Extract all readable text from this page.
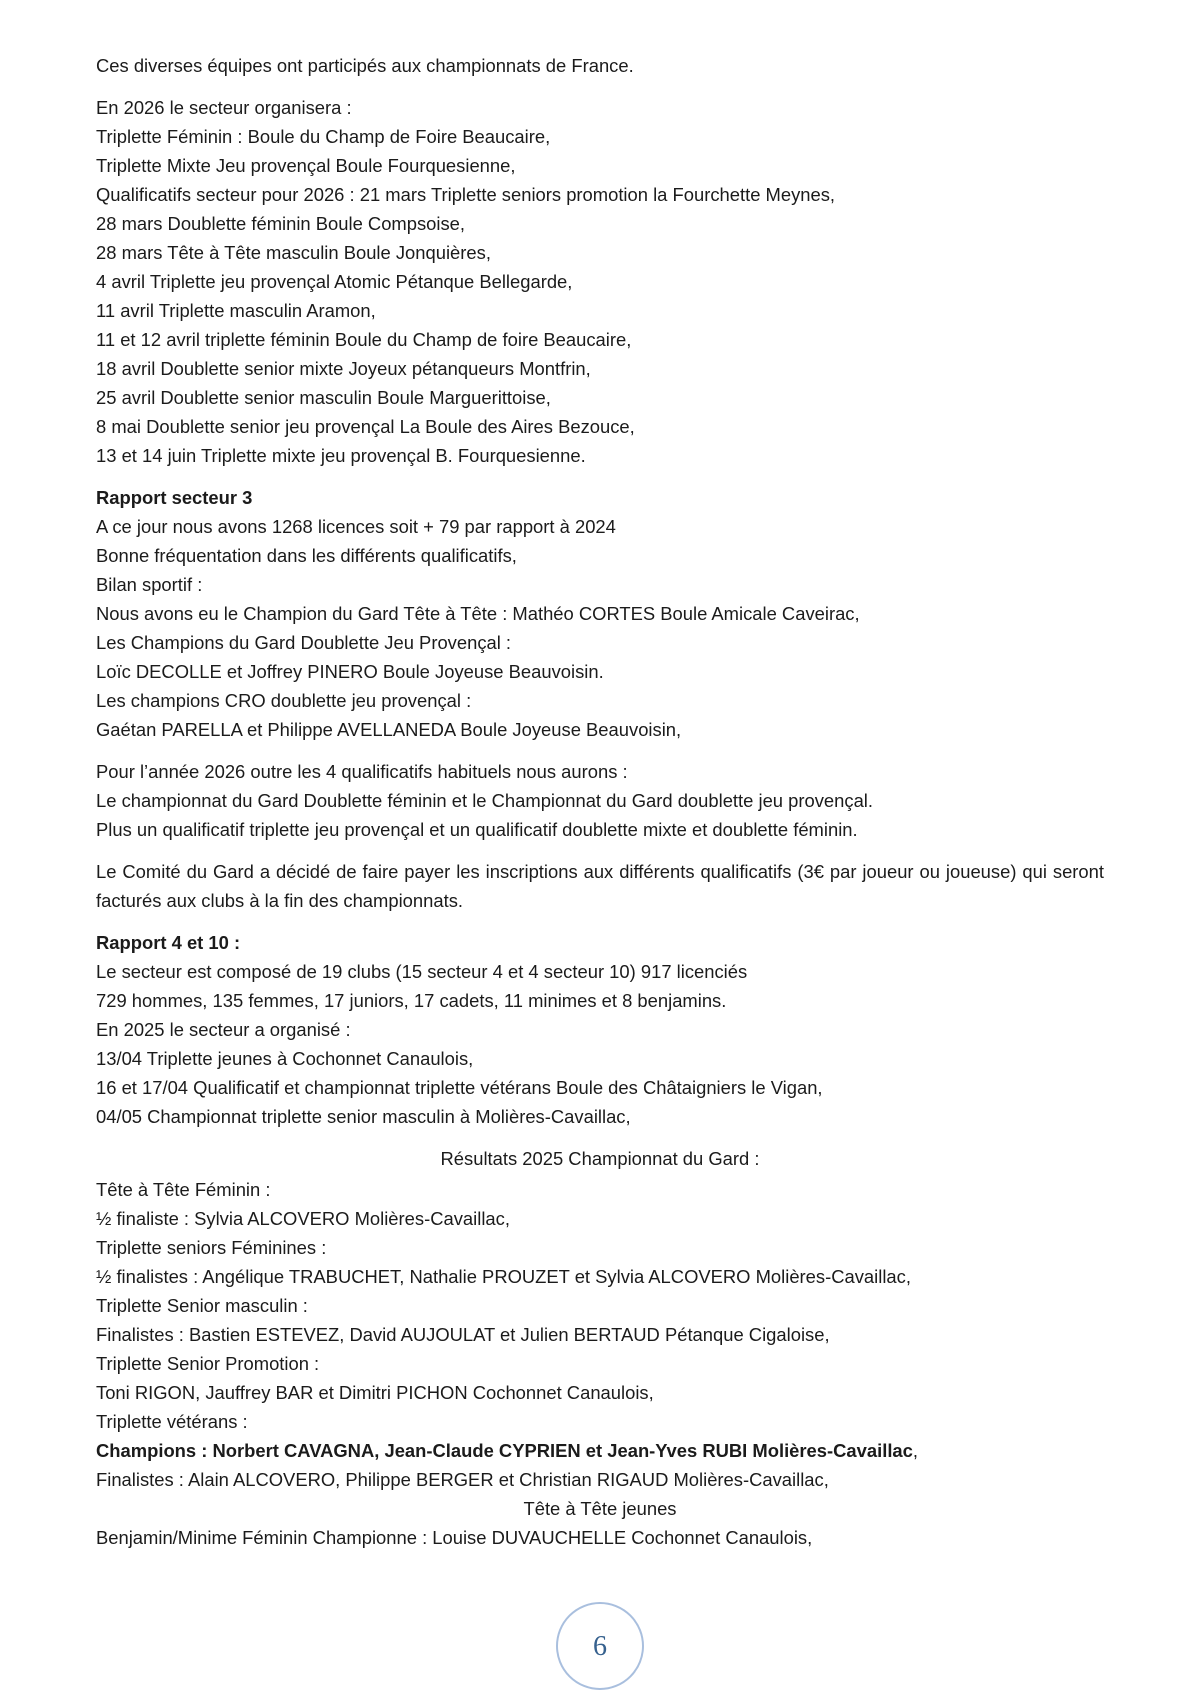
Ces diverses équipes ont participés aux championnats de France.

En 2026 le secteur organisera :
Triplette Féminin : Boule du Champ de Foire Beaucaire,
Triplette Mixte Jeu provençal Boule Fourquesienne,
Qualificatifs secteur pour 2026 : 21 mars Triplette seniors promotion la Fourchette Meynes,
28 mars Doublette féminin Boule Compsoise,
28 mars Tête à Tête masculin Boule Jonquières,
4 avril Triplette jeu provençal Atomic Pétanque Bellegarde,
11 avril Triplette masculin Aramon,
11 et 12 avril triplette féminin Boule du Champ de foire Beaucaire,
18 avril Doublette senior mixte Joyeux pétanqueurs Montfrin,
25 avril Doublette senior masculin Boule Marguerittoise,
8 mai Doublette senior jeu provençal La Boule des Aires Bezouce,
13 et 14 juin Triplette mixte jeu provençal B. Fourquesienne.
Rapport secteur 3
A ce jour nous avons 1268 licences soit + 79 par rapport à 2024
Bonne fréquentation dans les différents qualificatifs,
Bilan sportif :
Nous avons eu le Champion du Gard Tête à Tête : Mathéo CORTES Boule Amicale Caveirac,
Les Champions du Gard Doublette Jeu Provençal :
Loïc DECOLLE et Joffrey PINERO Boule Joyeuse Beauvoisin.
Les champions CRO doublette jeu provençal :
Gaétan PARELLA et Philippe AVELLANEDA Boule Joyeuse Beauvoisin,
Pour l’année 2026 outre les 4 qualificatifs habituels nous aurons :
Le championnat du Gard Doublette féminin et le Championnat du Gard doublette jeu provençal.
Plus un qualificatif triplette jeu provençal et un qualificatif doublette mixte et doublette féminin.

Le Comité du Gard a décidé de faire payer les inscriptions aux différents qualificatifs (3€ par joueur ou joueuse) qui seront facturés aux clubs à la fin des championnats.

Rapport 4 et 10 :
Le secteur est composé de 19 clubs (15 secteur 4 et 4 secteur 10) 917 licenciés
729 hommes, 135 femmes, 17 juniors, 17 cadets, 11 minimes et 8 benjamins.
En 2025 le secteur a organisé :
13/04 Triplette jeunes à Cochonnet Canaulois,
16 et 17/04 Qualificatif et championnat triplette vétérans Boule des Châtaigniers le Vigan,
04/05 Championnat triplette senior masculin à Molières-Cavaillac,
Résultats 2025 Championnat du Gard :
Tête à Tête Féminin :
½ finaliste : Sylvia ALCOVERO Molières-Cavaillac,
Triplette seniors Féminines :
½ finalistes : Angélique TRABUCHET, Nathalie PROUZET et Sylvia ALCOVERO Molières-Cavaillac,
Triplette Senior masculin :
Finalistes : Bastien ESTEVEZ, David AUJOULAT et Julien BERTAUD Pétanque Cigaloise,
Triplette Senior Promotion :
Toni RIGON, Jauffrey BAR et Dimitri PICHON Cochonnet Canaulois,
Triplette vétérans :
Champions : Norbert CAVAGNA, Jean-Claude CYPRIEN et Jean-Yves RUBI Molières-Cavaillac,
Finalistes : Alain ALCOVERO, Philippe BERGER et Christian RIGAUD Molières-Cavaillac,
Tête à Tête jeunes
Benjamin/Minime Féminin Championne : Louise DUVAUCHELLE Cochonnet Canaulois,
6
